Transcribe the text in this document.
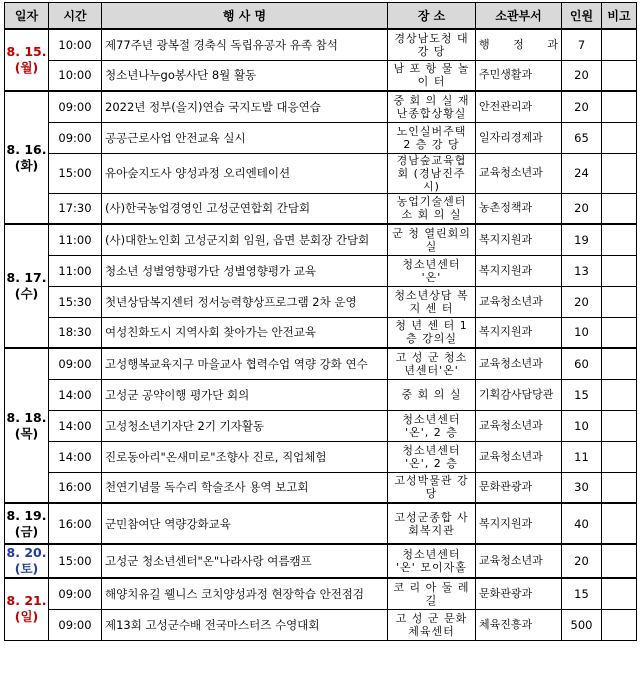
일자	시간	행 사 명	장 소	소관부서	인원	비고

8. 15.
(월)	10:00	제77주년 광복절 경축식 독립유공자 유족 참석	경상남도청 대 강 당	행 정 과	7	
	10:00	청소년나누go봉사단 8월 활동	남 포 항 물 놀 이 터	주민생활과	20	

8. 16.
(화)	09:00	2022년 정부(을지)연습 국지도발 대응연습	중 회 의 실 재난종합상황실	안전관리과	20	
	09:00	공공근로사업 안전교육 실시	노인실버주택 2 층 강 당	일자리경제과	65	
	15:00	유아숲지도사 양성과정 오리엔테이션	경남숲교육협회 (경남진주시)	교육청소년과	24	
	17:30	(사)한국농업경영인 고성군연합회 간담회	농업기술센터 소 회 의 실	농촌정책과	20	

8. 17.
(수)	11:00	(사)대한노인회 고성군지회 임원, 읍면 분회장 간담회	군 청 열린회의실	복지지원과	19	
	11:00	청소년 성별영향평가단 성별영향평가 교육	청소년센터 '온'	복지지원과	13	
	15:30	첫년상담복지센터 정서능력향상프로그램 2차 운영	청소년상담 복 지 센 터	교육청소년과	20	
	18:30	여성친화도시 지역사회 찾아가는 안전교육	청 년 센 터 1층 강의실	복지지원과	10	

8. 18.
(목)	09:00	고성행복교육지구 마을교사 협력수업 역량 강화 연수	고 성 군 청소년센터'온'	교육청소년과	60	
	14:00	고성군 공약이행 평가단 회의	중 회 의 실	기획감사담당관	15	
	14:00	고성청소년기자단 2기 기자활동	청소년센터 '온', 2 층	교육청소년과	10	
	14:00	진로동아리"온새미로"조향사 진로, 직업체험	청소년센터 '온', 2 층	교육청소년과	11	
	16:00	천연기념물 독수리 학술조사 용역 보고회	고성박물관 강 당	문화관광과	30	

8. 19.
(금)	16:00	군민참여단 역량강화교육	고성군종합 사회복지관	복지지원과	40	

8. 20.
(토)	15:00	고성군 청소년센터"온"나라사랑 여름캠프	청소년센터 '온' 모이자홀	교육청소년과	20	

8. 21.
(일)	09:00	해양치유길 웰니스 코치양성과정 현장학습 안전점검	코 리 아 둘 레 길	문화관광과	15	
	09:00	제13회 고성군수배 전국마스터즈 수영대회	고 성 군 문화체육센터	체육진흥과	500	
